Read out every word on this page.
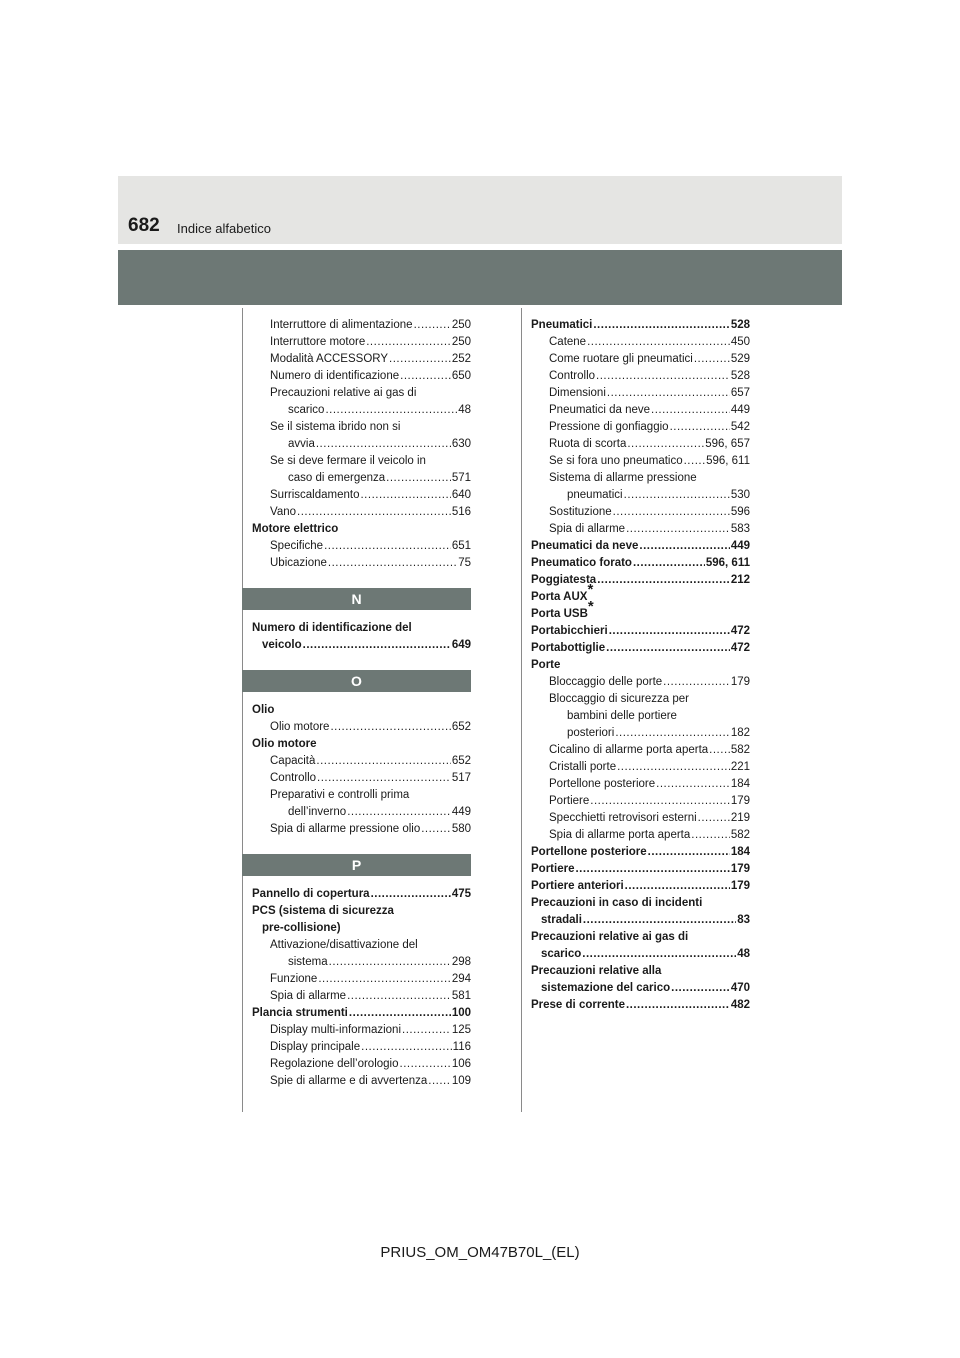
682 Indice alfabetico
Interruttore di alimentazione .....	250
Interruttore motore .....	250
Modalità ACCESSORY .....	252
Numero di identificazione .....	650
Precauzioni relative ai gas di
scarico .....	48
Se il sistema ibrido non si
avvia .....	630
Se si deve fermare il veicolo in
caso di emergenza .....	571
Surriscaldamento .....	640
Vano .....	516
Motore elettrico
Specifiche .....	651
Ubicazione .....	75
N
Numero di identificazione del
veicolo .....	649
O
Olio
Olio motore .....	652
Olio motore
Capacità .....	652
Controllo .....	517
Preparativi e controlli prima
dell’inverno .....	449
Spia di allarme pressione olio .....	580
P
Pannello di copertura .....	475
PCS (sistema di sicurezza
pre-collisione)
Attivazione/disattivazione del
sistema .....	298
Funzione .....	294
Spia di allarme .....	581
Plancia strumenti .....	100
Display multi-informazioni .....	125
Display principale .....	116
Regolazione dell’orologio .....	106
Spie di allarme e di avvertenza ..... 109
Pneumatici .....	528
Catene .....	450
Come ruotare gli pneumatici .....	529
Controllo .....	528
Dimensioni .....	657
Pneumatici da neve .....	449
Pressione di gonfiaggio .....	542
Ruota di scorta .....	596, 657
Se si fora uno pneumatico ..... 596, 611
Sistema di allarme pressione
pneumatici .....	530
Sostituzione .....	596
Spia di allarme .....	583
Pneumatici da neve .....	449
Pneumatico forato .....	596, 611
Poggiatesta .....	212
Porta AUX*
Porta USB*
Portabicchieri .....	472
Portabottiglie .....	472
Porte
Bloccaggio delle porte .....	179
Bloccaggio di sicurezza per
bambini delle portiere
posteriori .....	182
Cicalino di allarme porta aperta ..... 582
Cristalli porte .....	221
Portellone posteriore .....	184
Portiere .....	179
Specchietti retrovisori esterni .....	219
Spia di allarme porta aperta .....	582
Portellone posteriore .....	184
Portiere .....	179
Portiere anteriori .....	179
Precauzioni in caso di incidenti
stradali .....	83
Precauzioni relative ai gas di
scarico .....	48
Precauzioni relative alla
sistemazione del carico .....	470
Prese di corrente .....	482
PRIUS_OM_OM47B70L_(EL)
